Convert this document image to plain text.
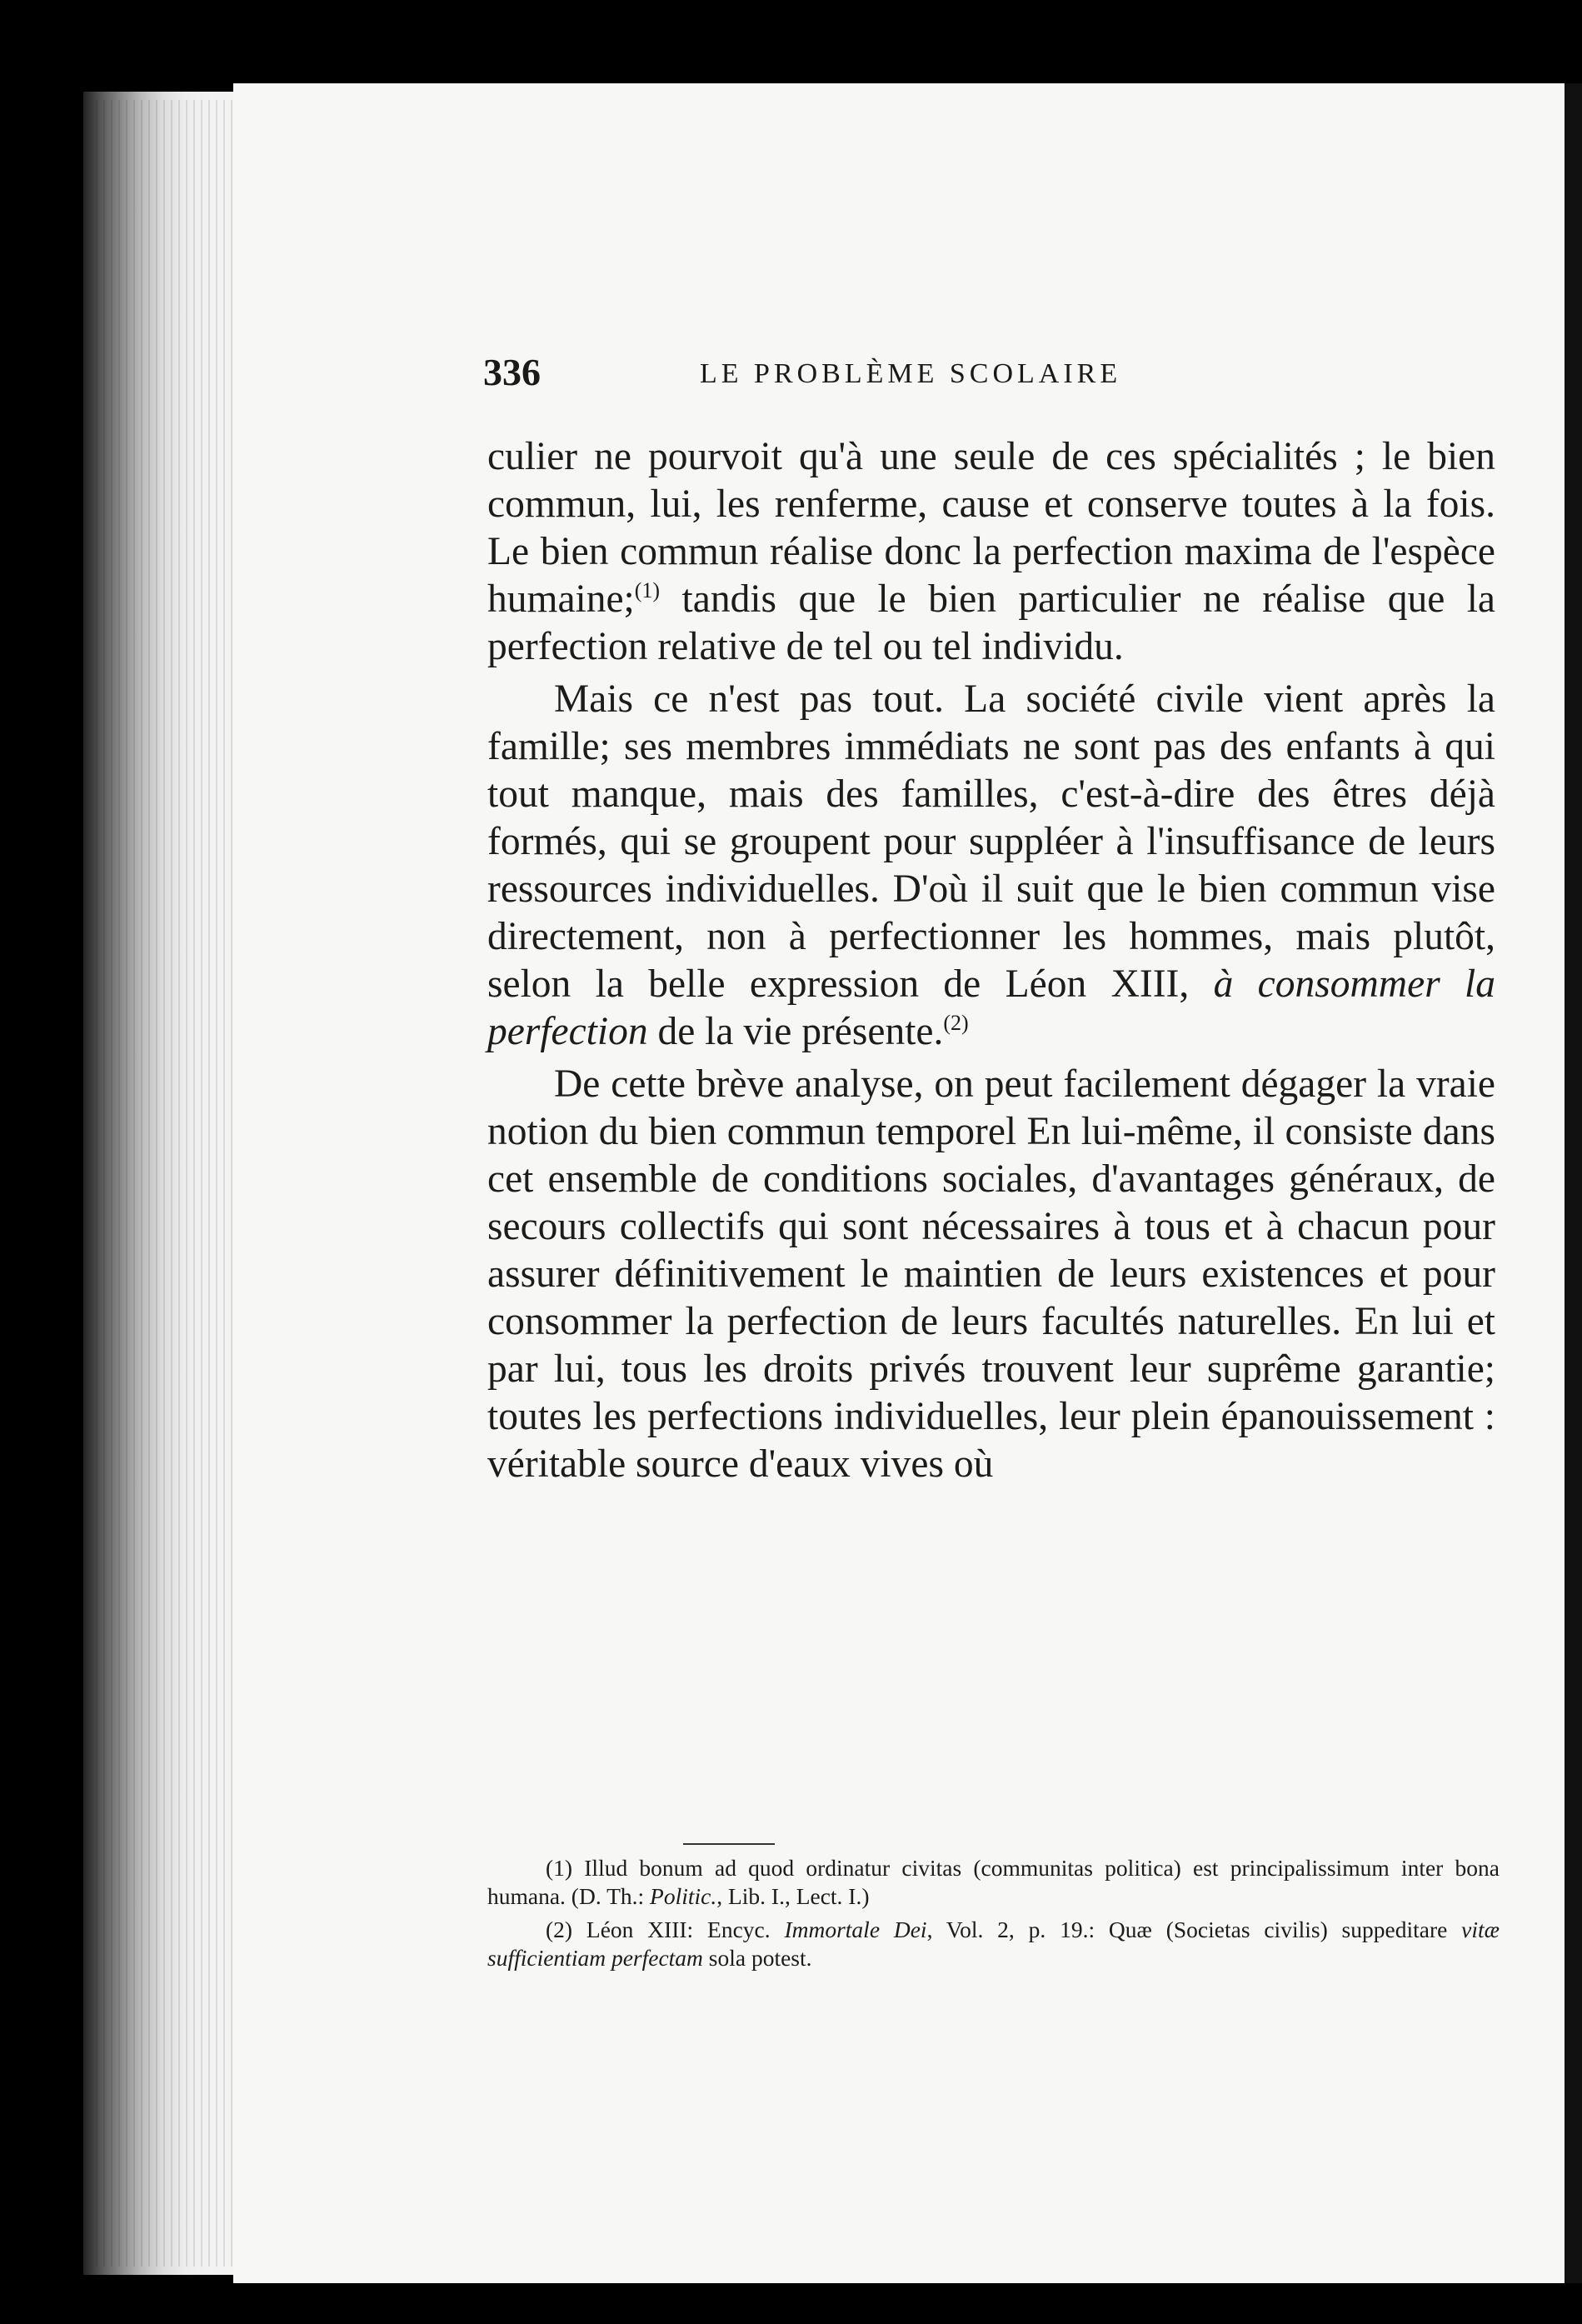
336	LE PROBLÈME SCOLAIRE

culier ne pourvoit qu'à une seule de ces spécialités ; le bien commun, lui, les renferme, cause et conserve toutes à la fois. Le bien commun réalise donc la perfection maxima de l'espèce humaine;$^{(1)}$ tandis que le bien particulier ne réalise que la perfection relative de tel ou tel individu.

Mais ce n'est pas tout. La société civile vient après la famille; ses membres immédiats ne sont pas des enfants à qui tout manque, mais des familles, c'est-à-dire des êtres déjà formés, qui se groupent pour suppléer à l'insuffisance de leurs ressources individuelles. D'où il suit que le bien commun vise directement, non à perfectionner les hommes, mais plutôt, selon la belle expression de Léon XIII, à consommer la perfection de la vie présente.$^{(2)}$

De cette brève analyse, on peut facilement dégager la vraie notion du bien commun temporel En lui-même, il consiste dans cet ensemble de conditions sociales, d'avantages généraux, de secours collectifs qui sont nécessaires à tous et à chacun pour assurer définitivement le maintien de leurs existences et pour consommer la perfection de leurs facultés naturelles. En lui et par lui, tous les droits privés trouvent leur suprême garantie; toutes les perfections individuelles, leur plein épanouissement : véritable source d'eaux vives où

(1) Illud bonum ad quod ordinatur civitas (communitas politica) est principalissimum inter bona humana. (D. Th.: Politic., Lib. I., Lect. I.)

(2) Léon XIII: Encyc. Immortale Dei, Vol. 2, p. 19.: Quæ (Societas civilis) suppeditare vitæ sufficientiam perfectam sola potest.
